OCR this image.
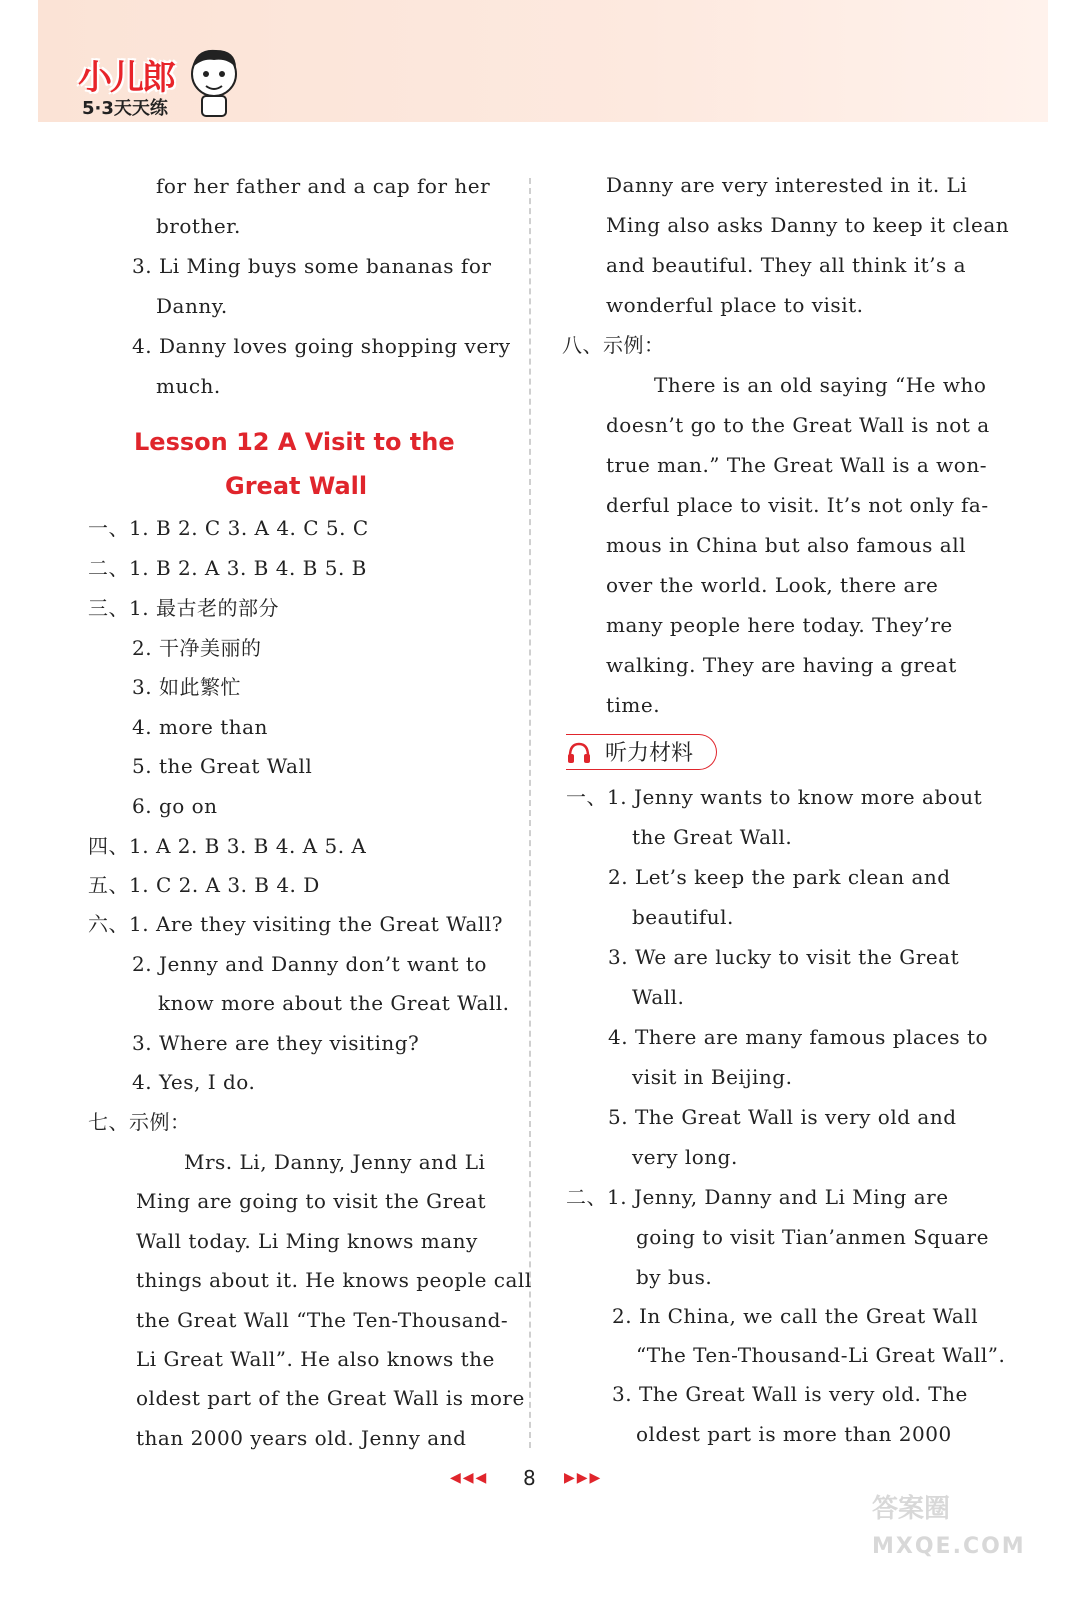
小儿郎
5·3天天练
for her father and a cap for her
brother.
3. Li Ming buys some bananas for
Danny.
4. Danny loves going shopping very
much.
Lesson 12 A Visit to the
Great Wall
一、1. B 2. C 3. A 4. C 5. C
二、1. B 2. A 3. B 4. B 5. B
三、1. 最古老的部分
2. 干净美丽的
3. 如此繁忙
4. more than
5. the Great Wall
6. go on
四、1. A 2. B 3. B 4. A 5. A
五、1. C 2. A 3. B 4. D
六、1. Are they visiting the Great Wall?
2. Jenny and Danny don’t want to
know more about the Great Wall.
3. Where are they visiting?
4. Yes, I do.
七、示例：
Mrs. Li, Danny, Jenny and Li
Ming are going to visit the Great
Wall today. Li Ming knows many
things about it. He knows people call
the Great Wall “The Ten-Thousand-
Li Great Wall”. He also knows the
oldest part of the Great Wall is more
than 2000 years old. Jenny and
Danny are very interested in it. Li
Ming also asks Danny to keep it clean
and beautiful. They all think it’s a
wonderful place to visit.
八、示例：
There is an old saying “He who
doesn’t go to the Great Wall is not a
true man.” The Great Wall is a won-
derful place to visit. It’s not only fa-
mous in China but also famous all
over the world. Look, there are
many people here today. They’re
walking. They are having a great
time.
听力材料
一、1. Jenny wants to know more about
the Great Wall.
2. Let’s keep the park clean and
beautiful.
3. We are lucky to visit the Great
Wall.
4. There are many famous places to
visit in Beijing.
5. The Great Wall is very old and
very long.
二、1. Jenny, Danny and Li Ming are
going to visit Tian’anmen Square
by bus.
2. In China, we call the Great Wall
“The Ten-Thousand-Li Great Wall”.
3. The Great Wall is very old. The
oldest part is more than 2000
◀◀◀ 8 ▶▶▶
答案圈
MXQE.COM
